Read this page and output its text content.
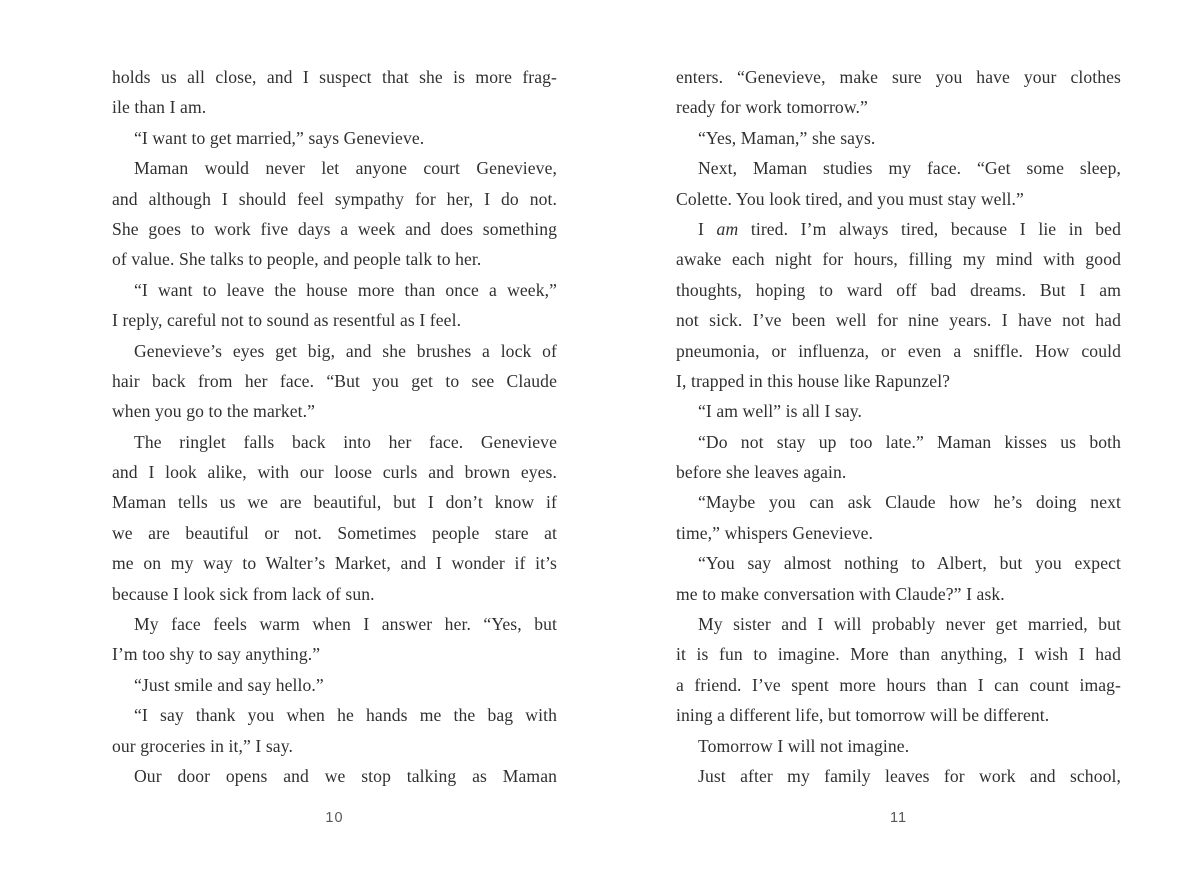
holds us all close, and I suspect that she is more frag-
ile than I am.
“I want to get married,” says Genevieve.
Maman would never let anyone court Genevieve,
and although I should feel sympathy for her, I do not.
She goes to work five days a week and does something
of value. She talks to people, and people talk to her.
“I want to leave the house more than once a week,”
I reply, careful not to sound as resentful as I feel.
Genevieve’s eyes get big, and she brushes a lock of
hair back from her face. “But you get to see Claude
when you go to the market.”
The ringlet falls back into her face. Genevieve
and I look alike, with our loose curls and brown eyes.
Maman tells us we are beautiful, but I don’t know if
we are beautiful or not. Sometimes people stare at
me on my way to Walter’s Market, and I wonder if it’s
because I look sick from lack of sun.
My face feels warm when I answer her. “Yes, but
I’m too shy to say anything.”
“Just smile and say hello.”
“I say thank you when he hands me the bag with
our groceries in it,” I say.
Our door opens and we stop talking as Maman
10
enters. “Genevieve, make sure you have your clothes
ready for work tomorrow.”
“Yes, Maman,” she says.
Next, Maman studies my face. “Get some sleep,
Colette. You look tired, and you must stay well.”
I am tired. I’m always tired, because I lie in bed
awake each night for hours, filling my mind with good
thoughts, hoping to ward off bad dreams. But I am
not sick. I’ve been well for nine years. I have not had
pneumonia, or influenza, or even a sniffle. How could
I, trapped in this house like Rapunzel?
“I am well” is all I say.
“Do not stay up too late.” Maman kisses us both
before she leaves again.
“Maybe you can ask Claude how he’s doing next
time,” whispers Genevieve.
“You say almost nothing to Albert, but you expect
me to make conversation with Claude?” I ask.
My sister and I will probably never get married, but
it is fun to imagine. More than anything, I wish I had
a friend. I’ve spent more hours than I can count imag-
ining a different life, but tomorrow will be different.
Tomorrow I will not imagine.
Just after my family leaves for work and school,
11
